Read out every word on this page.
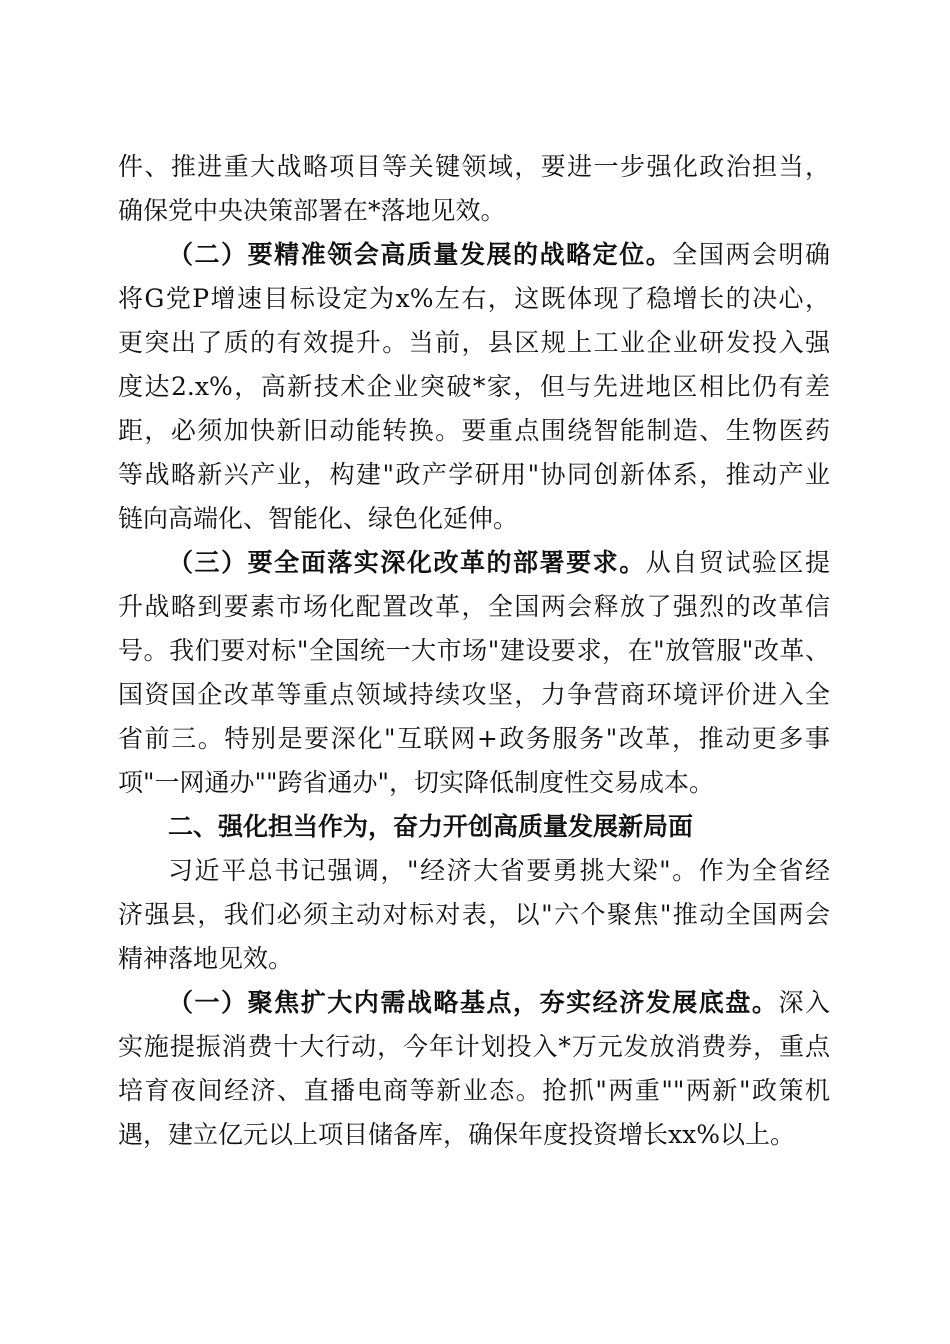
件、推进重大战略项目等关键领域，要进一步强化政治担当，

确保党中央决策部署在*落地见效。

（二）要精准领会高质量发展的战略定位。全国两会明确

将G党P增速目标设定为x%左右，这既体现了稳增长的决心，

更突出了质的有效提升。当前，县区规上工业企业研发投入强

度达2.x%，高新技术企业突破*家，但与先进地区相比仍有差

距，必须加快新旧动能转换。要重点围绕智能制造、生物医药

等战略新兴产业，构建"政产学研用"协同创新体系，推动产业

链向高端化、智能化、绿色化延伸。

（三）要全面落实深化改革的部署要求。从自贸试验区提

升战略到要素市场化配置改革，全国两会释放了强烈的改革信

号。我们要对标"全国统一大市场"建设要求，在"放管服"改革、

国资国企改革等重点领域持续攻坚，力争营商环境评价进入全

省前三。特别是要深化"互联网+政务服务"改革，推动更多事

项"一网通办""跨省通办"，切实降低制度性交易成本。

二、强化担当作为，奋力开创高质量发展新局面

习近平总书记强调，"经济大省要勇挑大梁"。作为全省经

济强县，我们必须主动对标对表，以"六个聚焦"推动全国两会

精神落地见效。

（一）聚焦扩大内需战略基点，夯实经济发展底盘。深入

实施提振消费十大行动，今年计划投入*万元发放消费券，重点

培育夜间经济、直播电商等新业态。抢抓"两重""两新"政策机

遇，建立亿元以上项目储备库，确保年度投资增长xx%以上。
